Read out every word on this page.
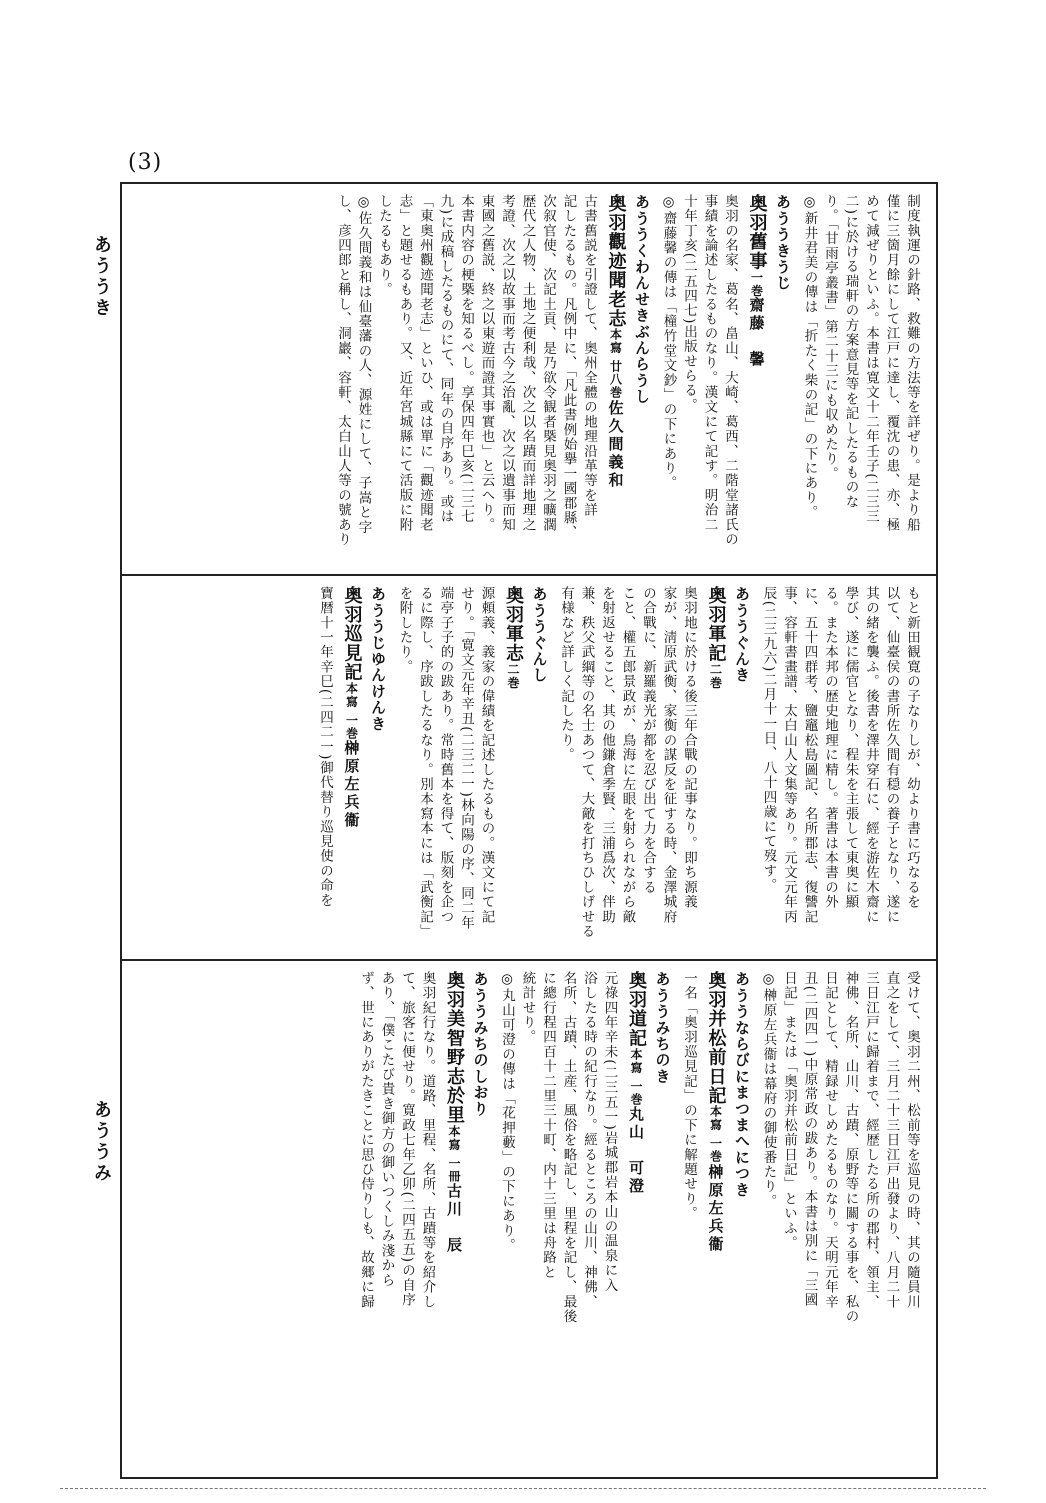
(3)
あううき
あううみ
制度執運の針路、救難の方法等を詳ぜり。是より船
僅に三箇月餘にして江戸に達し、覆沈の患、亦、極
めて減ぜりといふ。本書は寛文十二年壬子(二三三
二)に於ける瑞軒の方案意見等を記したるものな
り。「甘雨亭叢書」第二十三にも収めたり。
◎新井君美の傳は「折たく柴の記」の下にあり。
あううきうじ
奥羽舊事一巻齋藤　馨
奥羽の名家、葛名、畠山、大崎、葛西、二階堂諸氏の
事績を論述したるものなり。漢文にて記す。明治二
十年丁亥(二五四七)出版せらる。
◎齋藤馨の傳は「橦竹堂文鈔」の下にあり。
あううくわんせきぶんらうし
奥羽觀迹聞老志本寫 廿八巻佐久間義和
古書舊説を引證して、奥州全體の地理沿革等を詳
記したるもの。凡例中に、「凡此書例始擧一國郡縣、
次叙官使、次記土貢、是乃欲令観者槩見奥羽之曠濶
歴代之人物、土地之便利哉、次之以名蹟而詳地理之
考證、次之以故事而考古今之治亂、次之以遺事而知
東國之舊説、終之以東遊而證其事實也」と云へり。
本書内容の梗槩を知るべし。享保四年巳亥(二三七
九)に成稿したるものにて、同年の自序あり。或は
「東奥州觀迹聞老志」といひ、或は單に「觀迹聞老
志」と題せるもあり。又、近年宮城縣にて活版に附
したるもあり。
◎佐久間義和は仙臺藩の人、源姓にして、子嵩と字
し、彦四郎と稱し、洞巖、容軒、太白山人等の號あり
もと新田観寛の子なりしが、幼より書に巧なるを
以て、仙臺侯の書所佐久間有穏の養子となり、遂に
其の緒を襲ふ。後書を澤井穿石に、經を游佐木齋に
學び、遂に儒官となり、程朱を主張して東奥に顯
る。また本邦の歴史地理に精し。著書は本書の外
に、五十四群考、鹽竈松島圖記、名所郡志、復讐記
事、容軒書畫譜、太白山人文集等あり。元文元年丙
辰(二三九六)二月十一日、八十四歳にて歿す。
あううぐんき
奥羽軍記二巻
奥羽地に於ける後三年合戰の記事なり。即ち源義
家が、淸原武衡、家衡の謀反を征する時、金澤城府
の合戰に、新羅義光が都を忍び出て力を合する
こと、權五郎景政が、鳥海に左眼を射られながら敵
を射返せること、其の他鎌倉季賢、三浦爲次、伴助
兼、秩父武綱等の名士あつて、大敵を打ちひしげせる
有様など詳しく記したり。
あううぐんし
奥羽軍志二巻
源頼義、義家の偉績を記述したるもの。漢文にて記
せり。「寛文元年辛丑(二三二一)林向陽の序、同二年
端亭子子的の跋あり。常時舊本を得て、版刻を企つ
るに際し、序跋したるなり。別本寫本には「武衡記」
を附したり。
あううじゆんけんき
奥羽巡見記本寫 一巻榊原左兵衞
寶暦十一年辛巳(二四二一)御代替り巡見使の命を
受けて、奥羽二州、松前等を巡見の時、其の隨員川
直之をして、三月二十三日江戸出發より、八月二十
三日江戸に歸着まで、經歴したる所の郡村、領主、
神佛、名所、山川、古蹟、原野等に關する事を、私の
日記として、精録せしめたるものなり。天明元年辛
丑(二四四一)中原常政の跋あり。本書は別に「三國
日記」または「奥羽并松前日記」といふ。
◎榊原左兵衞は幕府の御使番たり。
あううならびにまつまへにつき
奥羽并松前日記本寫 一巻榊原左兵衞
一名「奥羽巡見記」の下に解題せり。
あううみちのき
奥羽道記本寫 一巻丸山　可澄
元祿四年辛未(二三五一)岩城郡岩本山の温泉に入
浴したる時の紀行なり。經るところの山川、神佛、
名所、古蹟、土産、風俗を略記し、里程を記し、最後
に總行程四百十二里三十町、内十三里は舟路と
統計せり。
◎丸山可澄の傳は「花押藪」の下にあり。
あううみちのしおり
奥羽美智野志於里本寫 一冊古川　辰
奥羽紀行なり。道路、里程、名所、古蹟等を紹介し
て、旅客に便せり。寛政七年乙卯(二四五五)の自序
あり、「僕こたび貴き御方の御いつくしみ淺から
ず、世にありがたきことに思ひ侍りしも、故郷に歸
